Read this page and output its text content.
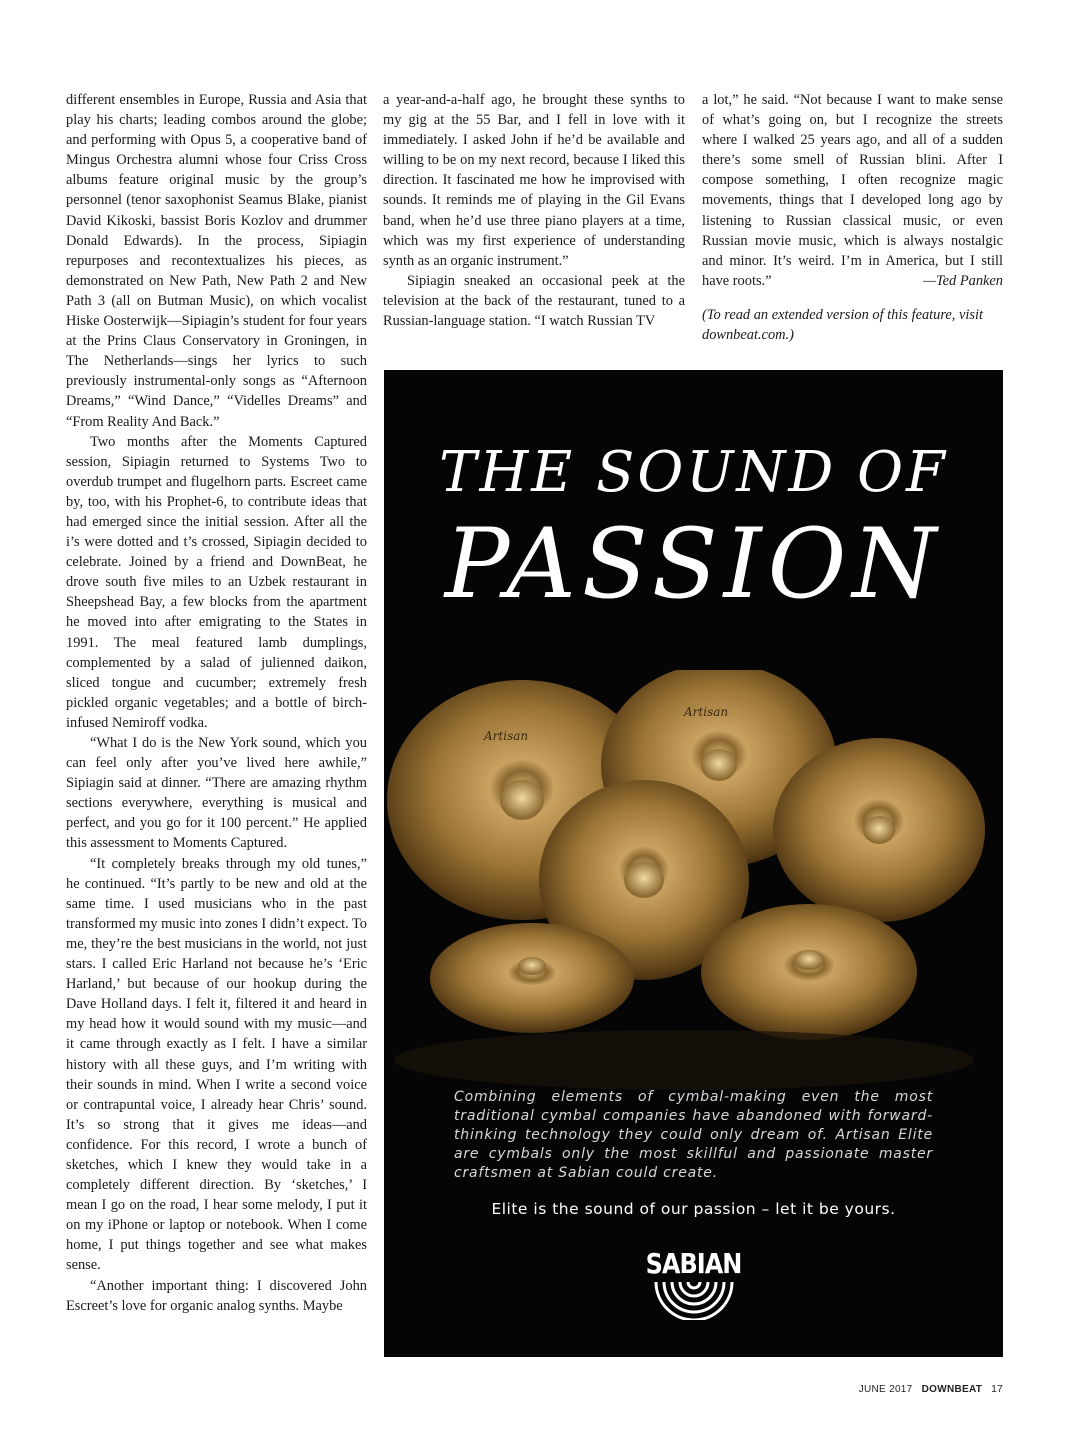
different ensembles in Europe, Russia and Asia that play his charts; leading combos around the globe; and performing with Opus 5, a cooperative band of Mingus Orchestra alumni whose four Criss Cross albums feature original music by the group’s personnel (tenor saxophonist Seamus Blake, pianist David Kikoski, bassist Boris Kozlov and drummer Donald Edwards). In the process, Sipiagin repurposes and recontextualizes his pieces, as demonstrated on New Path, New Path 2 and New Path 3 (all on Butman Music), on which vocalist Hiske Oosterwijk—Sipiagin’s student for four years at the Prins Claus Conservatory in Groningen, in The Netherlands—sings her lyrics to such previously instrumental-only songs as “Afternoon Dreams,” “Wind Dance,” “Videlles Dreams” and “From Reality And Back.”

Two months after the Moments Captured session, Sipiagin returned to Systems Two to overdub trumpet and flugelhorn parts. Escreet came by, too, with his Prophet-6, to contribute ideas that had emerged since the initial session. After all the i’s were dotted and t’s crossed, Sipiagin decided to celebrate. Joined by a friend and DownBeat, he drove south five miles to an Uzbek restaurant in Sheepshead Bay, a few blocks from the apartment he moved into after emigrating to the States in 1991. The meal featured lamb dumplings, complemented by a salad of julienned daikon, sliced tongue and cucumber; extremely fresh pickled organic vegetables; and a bottle of birch-infused Nemiroff vodka.

“What I do is the New York sound, which you can feel only after you’ve lived here awhile,” Sipiagin said at dinner. “There are amazing rhythm sections everywhere, everything is musical and perfect, and you go for it 100 percent.” He applied this assessment to Moments Captured.

“It completely breaks through my old tunes,” he continued. “It’s partly to be new and old at the same time. I used musicians who in the past transformed my music into zones I didn’t expect. To me, they’re the best musicians in the world, not just stars. I called Eric Harland not because he’s ‘Eric Harland,’ but because of our hookup during the Dave Holland days. I felt it, filtered it and heard in my head how it would sound with my music—and it came through exactly as I felt. I have a similar history with all these guys, and I’m writing with their sounds in mind. When I write a second voice or contrapuntal voice, I already hear Chris’ sound. It’s so strong that it gives me ideas—and confidence. For this record, I wrote a bunch of sketches, which I knew they would take in a completely different direction. By ‘sketches,’ I mean I go on the road, I hear some melody, I put it on my iPhone or laptop or notebook. When I come home, I put things together and see what makes sense.

“Another important thing: I discovered John Escreet’s love for organic analog synths. Maybe

a year-and-a-half ago, he brought these synths to my gig at the 55 Bar, and I fell in love with it immediately. I asked John if he’d be available and willing to be on my next record, because I liked this direction. It fascinated me how he improvised with sounds. It reminds me of playing in the Gil Evans band, when he’d use three piano players at a time, which was my first experience of understanding synth as an organic instrument.”

Sipiagin sneaked an occasional peek at the television at the back of the restaurant, tuned to a Russian-language station. “I watch Russian TV

a lot,” he said. “Not because I want to make sense of what’s going on, but I recognize the streets where I walked 25 years ago, and all of a sudden there’s some smell of Russian blini. After I compose something, I often recognize magic movements, things that I developed long ago by listening to Russian classical music, or even Russian movie music, which is always nostalgic and minor. It’s weird. I’m in America, but I still have roots.”	—Ted Panken

(To read an extended version of this feature, visit downbeat.com.)

THE SOUND OF
PASSION
Artisan
Artisan
Combining elements of cymbal-making even the most traditional cymbal companies have abandoned with forward-thinking technology they could only dream of. Artisan Elite are cymbals only the most skillful and passionate master craftsmen at Sabian could create.
Elite is the sound of our passion – let it be yours.
SABIAN
JUNE 2017 DOWNBEAT 17
